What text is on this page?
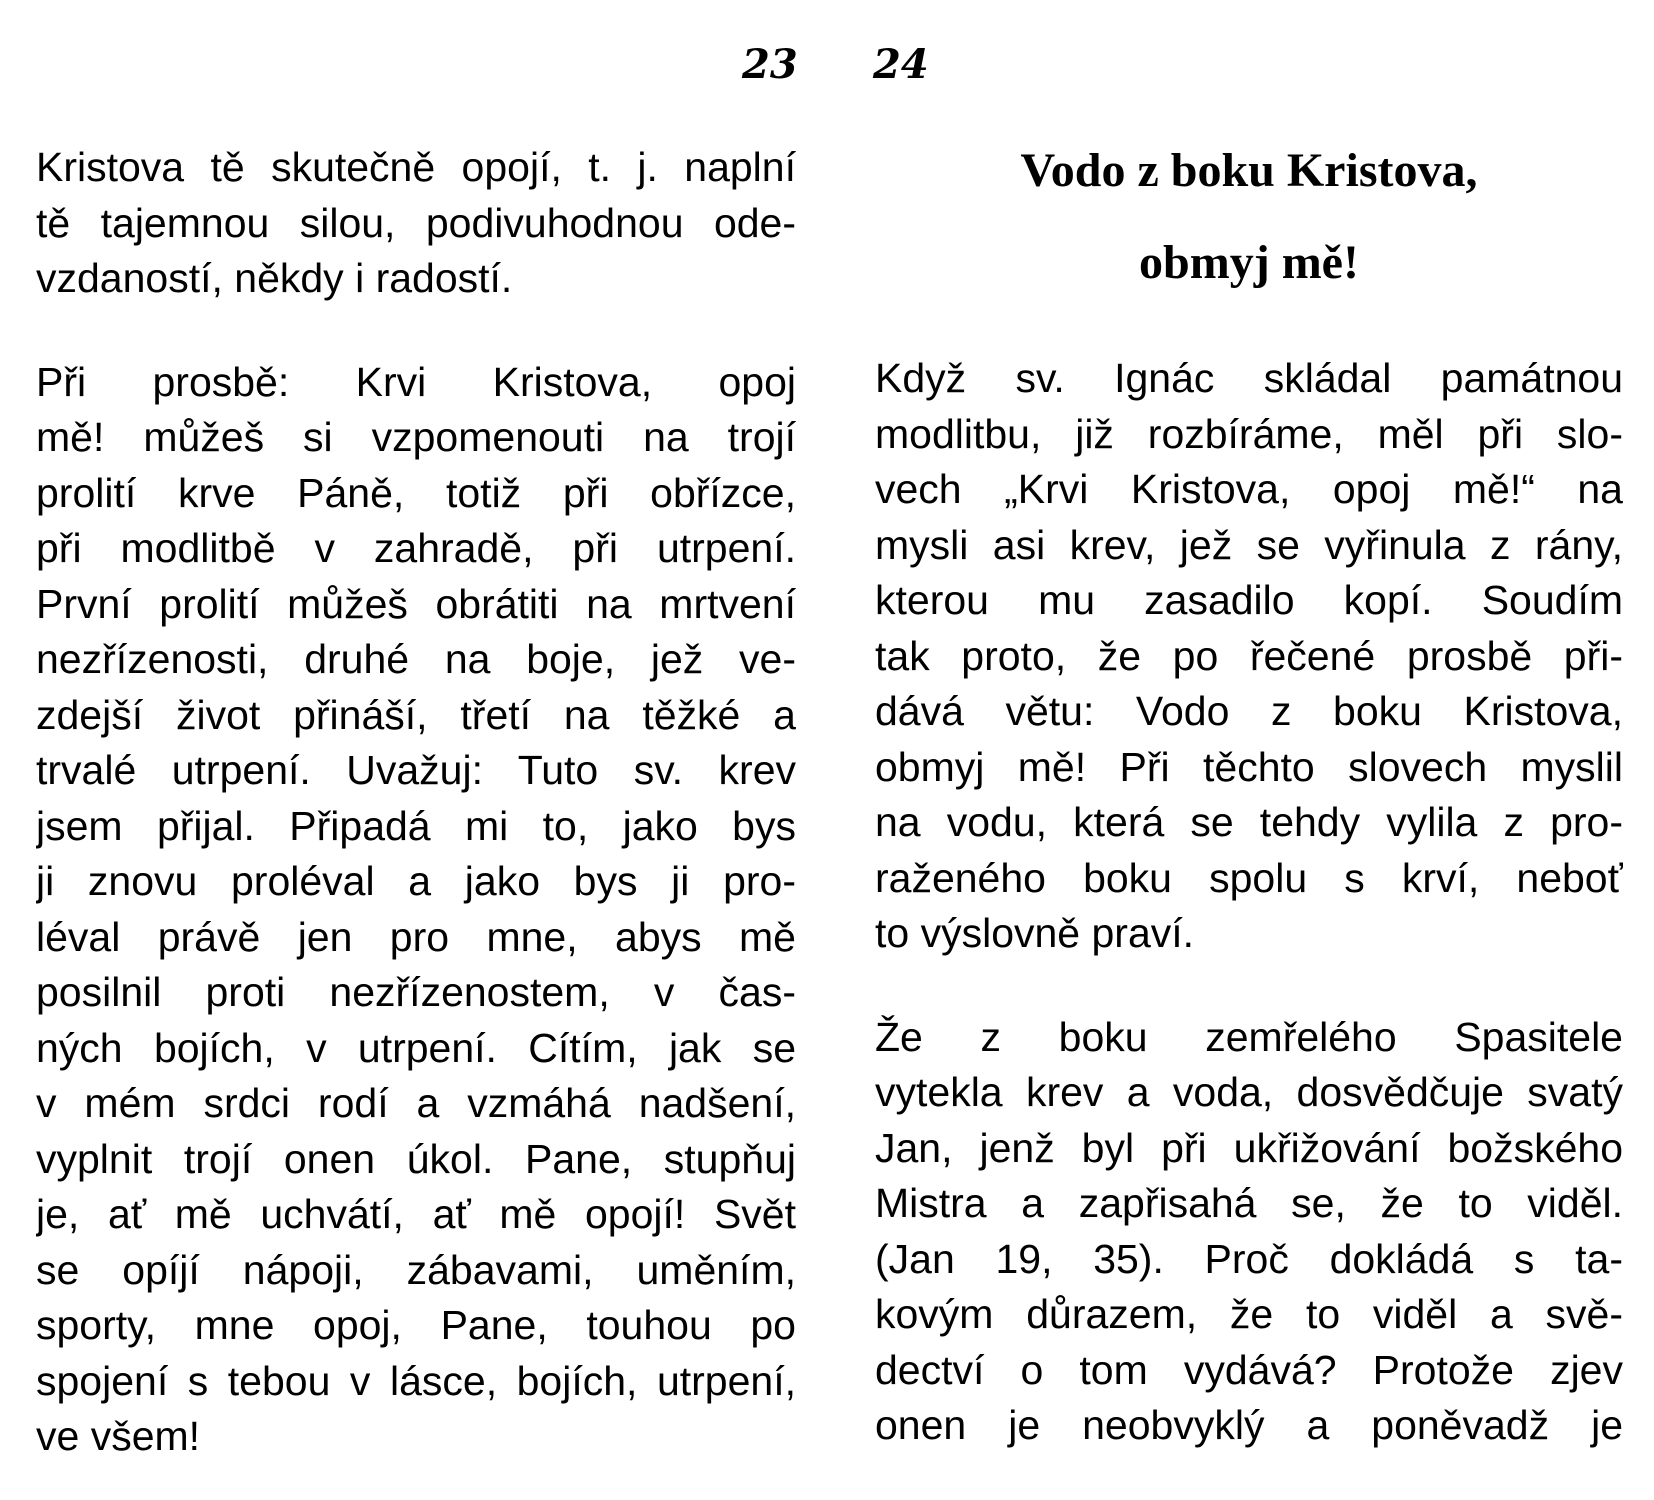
23 24
Kristova tě skutečně opojí, t. j. naplní
tě tajemnou silou, podivuhodnou ode-
vzdaností, někdy i radostí.
Při prosbě: Krvi Kristova, opoj
mě! můžeš si vzpomenouti na trojí
prolití krve Páně, totiž při obřízce,
při modlitbě v zahradě, při utrpení.
První prolití můžeš obrátiti na mrtvení
nezřízenosti, druhé na boje, jež ve-
zdejší život přináší, třetí na těžké a
trvalé utrpení. Uvažuj: Tuto sv. krev
jsem přijal. Připadá mi to, jako bys
ji znovu proléval a jako bys ji pro-
léval právě jen pro mne, abys mě
posilnil proti nezřízenostem, v čas-
ných bojích, v utrpení. Cítím, jak se
v mém srdci rodí a vzmáhá nadšení,
vyplnit trojí onen úkol. Pane, stupňuj
je, ať mě uchvátí, ať mě opojí! Svět
se opíjí nápoji, zábavami, uměním,
sporty, mne opoj, Pane, touhou po
spojení s tebou v lásce, bojích, utrpení,
ve všem!
Vodo z boku Kristova,
obmyj mě!
Když sv. Ignác skládal památnou
modlitbu, již rozbíráme, měl při slo-
vech „Krvi Kristova, opoj mě!“ na
mysli asi krev, jež se vyřinula z rány,
kterou mu zasadilo kopí. Soudím
tak proto, že po řečené prosbě při-
dává větu: Vodo z boku Kristova,
obmyj mě! Při těchto slovech myslil
na vodu, která se tehdy vylila z pro-
raženého boku spolu s krví, neboť
to výslovně praví.
Že z boku zemřelého Spasitele
vytekla krev a voda, dosvědčuje svatý
Jan, jenž byl při ukřižování božského
Mistra a zapřisahá se, že to viděl.
(Jan 19, 35). Proč dokládá s ta-
kovým důrazem, že to viděl a svě-
dectví o tom vydává? Protože zjev
onen je neobvyklý a poněvadž je
